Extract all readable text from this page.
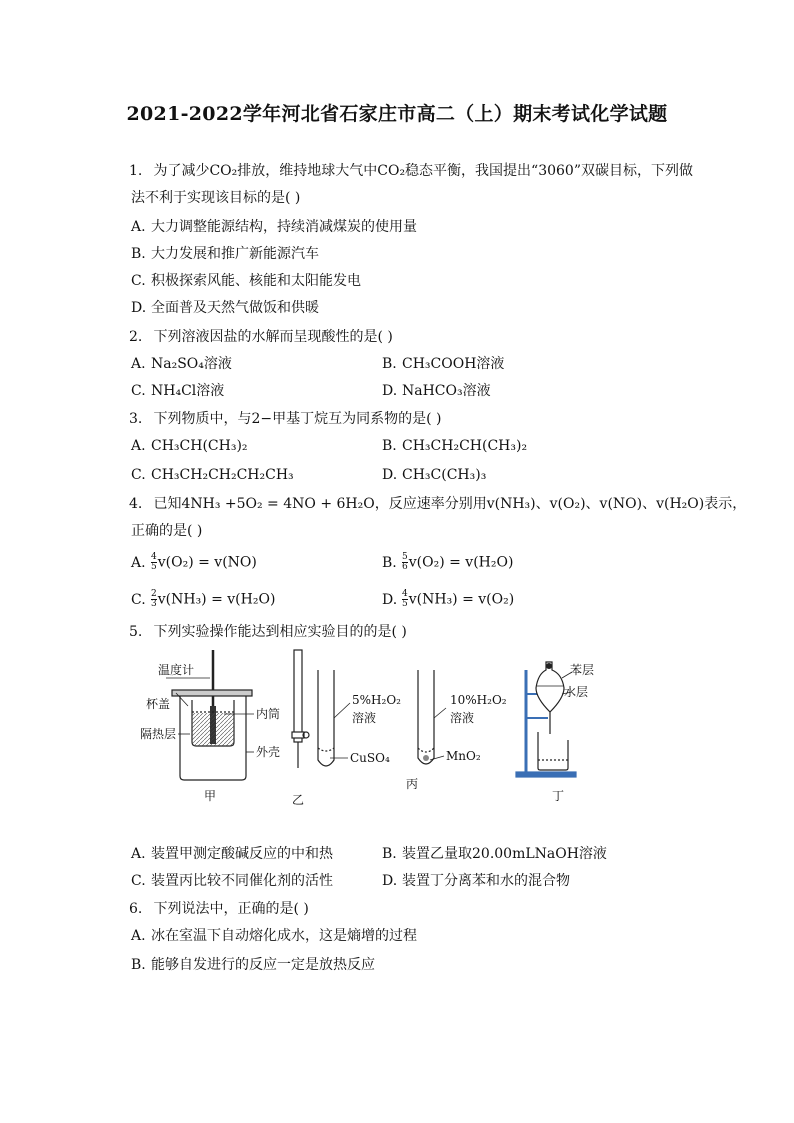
2021-2022学年河北省石家庄市高二（上）期末考试化学试题
1. 为了减少CO₂排放，维持地球大气中CO₂稳态平衡，我国提出“3060”双碳目标，下列做
法不利于实现该目标的是( )
A. 大力调整能源结构，持续消减煤炭的使用量
B. 大力发展和推广新能源汽车
C. 积极探索风能、核能和太阳能发电
D. 全面普及天然气做饭和供暖
2. 下列溶液因盐的水解而呈现酸性的是( )
A. Na₂SO₄溶液	B. CH₃COOH溶液
C. NH₄Cl溶液	D. NaHCO₃溶液
3. 下列物质中，与2−甲基丁烷互为同系物的是( )
A. CH₃CH(CH₃)₂	B. CH₃CH₂CH(CH₃)₂
C. CH₃CH₂CH₂CH₂CH₃	D. CH₃C(CH₃)₃
4. 已知4NH₃ +5O₂ = 4NO + 6H₂O，反应速率分别用v(NH₃)、v(O₂)、v(NO)、v(H₂O)表示，
正确的是( )
A. $\frac{4}{5} v(O_2) = v(NO)$	B. $\frac{5}{6} v(O_2) = v(H_2O)$
C. $\frac{2}{3} v(NH_3) = v(H_2O)$	D. $\frac{4}{5} v(NH_3) = v(O_2)$
5. 下列实验操作能达到相应实验目的的是( )
温度计
杯盖
内筒
隔热层
外壳
甲
5%H₂O₂
溶液
CuSO₄
乙
10%H₂O₂
溶液
MnO₂
丙
苯层
水层
丁
A. 装置甲测定酸碱反应的中和热	B. 装置乙量取20.00mLNaOH溶液
C. 装置丙比较不同催化剂的活性	D. 装置丁分离苯和水的混合物
6. 下列说法中，正确的是( )
A. 冰在室温下自动熔化成水，这是熵增的过程
B. 能够自发进行的反应一定是放热反应
